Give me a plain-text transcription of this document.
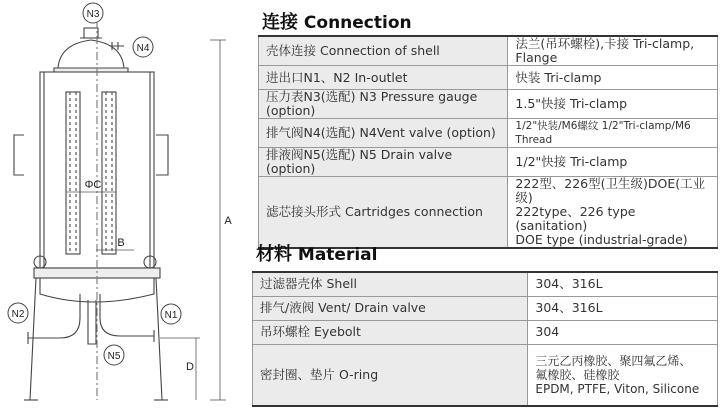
N3
N4
N2	N1
N5
ΦC
B
A
D
连接 Connection
壳体连接 Connection of shell	法兰(吊环螺栓),卡接 Tri-clamp, Flange
进出口N1、N2 In-outlet	快装 Tri-clamp
压力表N3(选配) N3 Pressure gauge (option)	1.5"快接 Tri-clamp
排气阀N4(选配) N4Vent valve (option)	1/2"快装/M6螺纹 1/2"Tri-clamp/M6 Thread
排液阀N5(选配) N5 Drain valve (option)	1/2"快接 Tri-clamp
滤芯接头形式 Cartridges connection	222型、226型(卫生级)DOE(工业级)
222type、226 type (sanitation)
DOE type (industrial-grade)
材料 Material
过滤器壳体 Shell	304、316L
排气/液阀 Vent/ Drain valve	304、316L
吊环螺栓 Eyebolt	304
密封圈、垫片 O-ring	三元乙丙橡胶、聚四氟乙烯、
氟橡胶、硅橡胶
EPDM, PTFE, Viton, Silicone
